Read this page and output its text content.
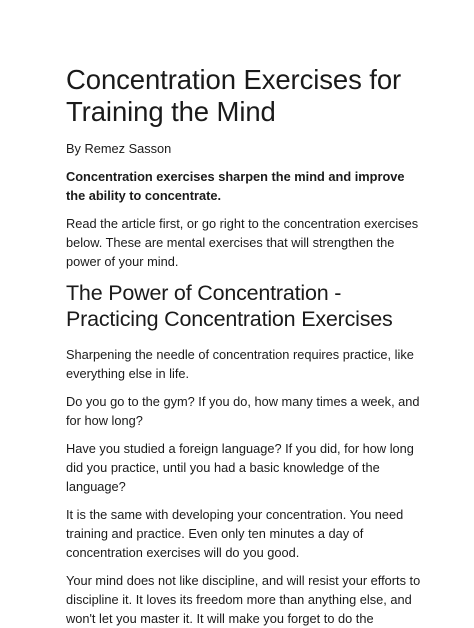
Concentration Exercises for
Training the Mind

By Remez Sasson

Concentration exercises sharpen the mind and improve the ability to concentrate.

Read the article first, or go right to the concentration exercises below. These are mental exercises that will strengthen the power of your mind.

The Power of Concentration -
Practicing Concentration Exercises

Sharpening the needle of concentration requires practice, like everything else in life.

Do you go to the gym? If you do, how many times a week, and for how long?

Have you studied a foreign language? If you did, for how long did you practice, until you had a basic knowledge of the language?

It is the same with developing your concentration. You need training and practice. Even only ten minutes a day of concentration exercises will do you good.

Your mind does not like discipline, and will resist your efforts to discipline it. It loves its freedom more than anything else, and won't let you master it. It will make you forget to do the
